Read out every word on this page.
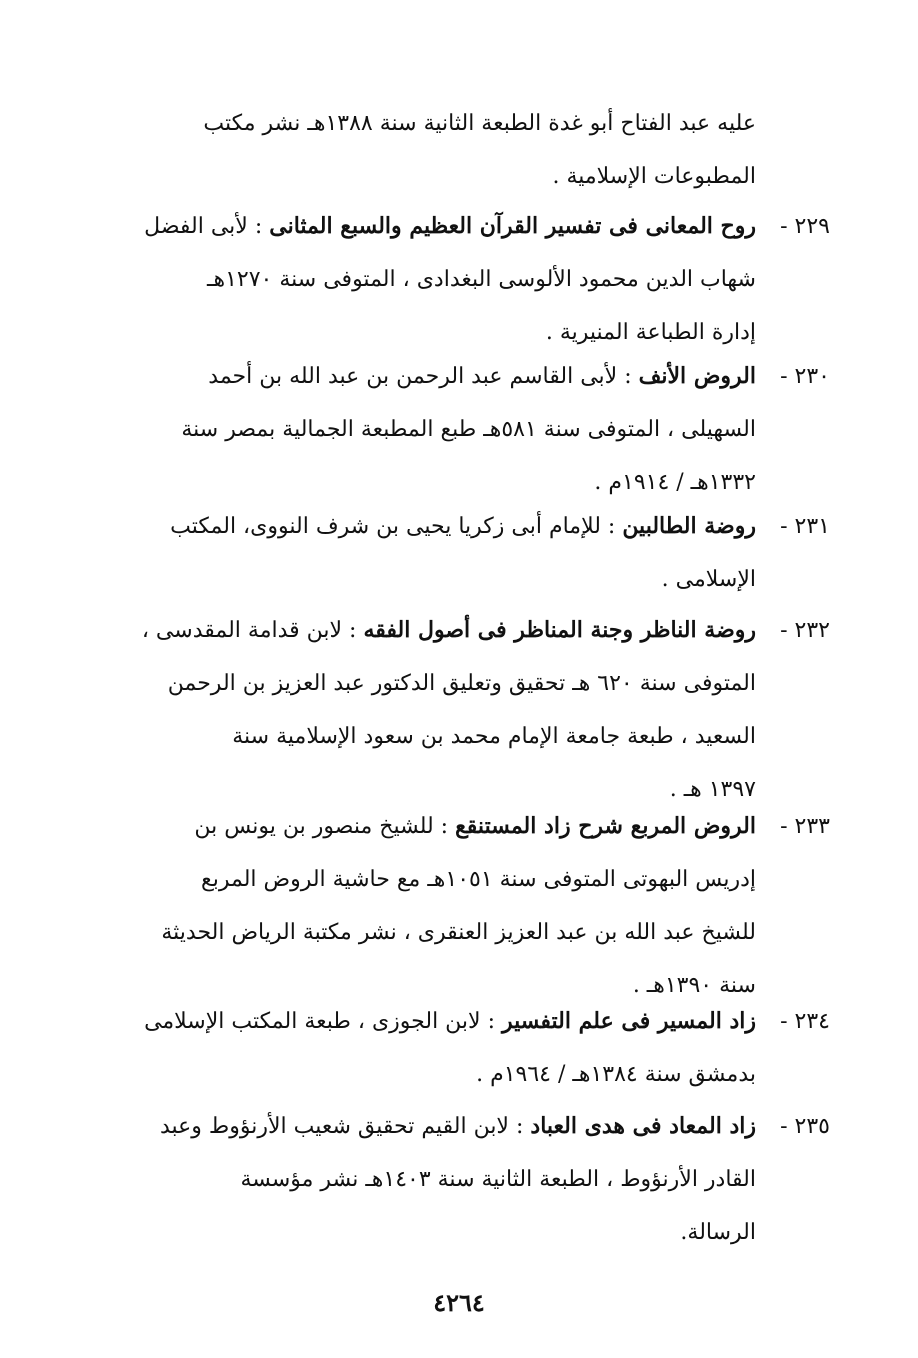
عليه عبد الفتاح أبو غدة الطبعة الثانية سنة ١٣٨٨هـ نشر مكتب
المطبوعات الإسلامية .
٢٢٩ -روح المعانى فى تفسير القرآن العظيم والسبع المثانى : لأبى الفضل
شهاب الدين محمود الألوسى البغدادى ، المتوفى سنة ١٢٧٠هـ
إدارة الطباعة المنيرية .
٢٣٠ -الروض الأنف : لأبى القاسم عبد الرحمن بن عبد الله بن أحمد
السهيلى ، المتوفى سنة ٥٨١هـ طبع المطبعة الجمالية بمصر سنة
١٣٣٢هـ / ١٩١٤م .
٢٣١ -روضة الطالبين : للإمام أبى زكريا يحيى بن شرف النووى، المكتب
الإسلامى .
٢٣٢ -روضة الناظر وجنة المناظر فى أصول الفقه : لابن قدامة المقدسى ،
المتوفى سنة ٦٢٠ هـ تحقيق وتعليق الدكتور عبد العزيز بن الرحمن
السعيد ، طبعة جامعة الإمام محمد بن سعود الإسلامية سنة
١٣٩٧ هـ .
٢٣٣ -الروض المربع شرح زاد المستنقع : للشيخ منصور بن يونس بن
إدريس البهوتى المتوفى سنة ١٠٥١هـ مع حاشية الروض المربع
للشيخ عبد الله بن عبد العزيز العنقرى ، نشر مكتبة الرياض الحديثة
سنة ١٣٩٠هـ .
٢٣٤ -زاد المسير فى علم التفسير : لابن الجوزى ، طبعة المكتب الإسلامى
بدمشق سنة ١٣٨٤هـ / ١٩٦٤م .
٢٣٥ -زاد المعاد فى هدى العباد : لابن القيم تحقيق شعيب الأرنؤوط وعبد
القادر الأرنؤوط ، الطبعة الثانية سنة ١٤٠٣هـ نشر مؤسسة
الرسالة.
٤٢٦٤
